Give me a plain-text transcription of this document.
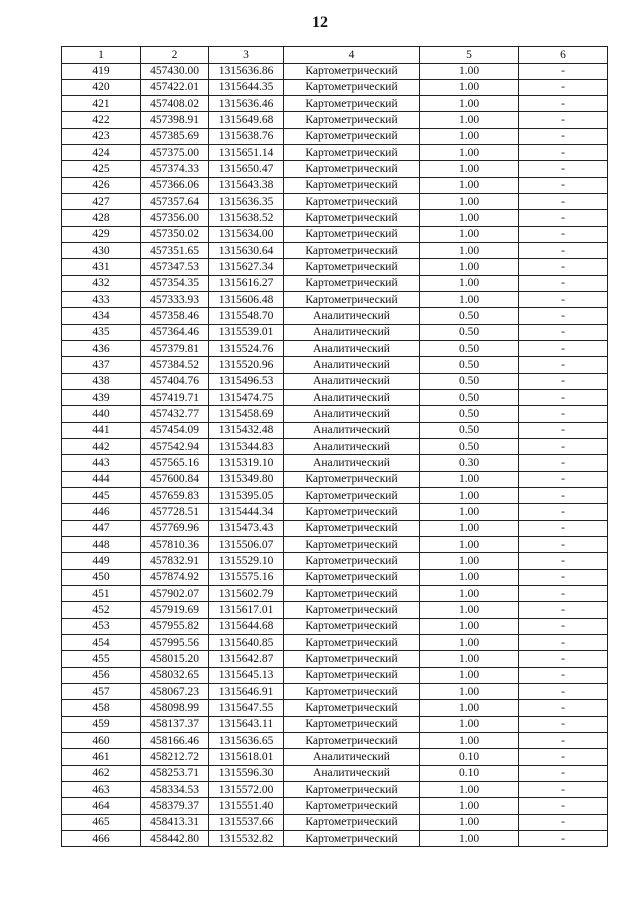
12
1	2	3	4	5	6
419	457430.00	1315636.86	Картометрический	1.00	-
420	457422.01	1315644.35	Картометрический	1.00	-
421	457408.02	1315636.46	Картометрический	1.00	-
422	457398.91	1315649.68	Картометрический	1.00	-
423	457385.69	1315638.76	Картометрический	1.00	-
424	457375.00	1315651.14	Картометрический	1.00	-
425	457374.33	1315650.47	Картометрический	1.00	-
426	457366.06	1315643.38	Картометрический	1.00	-
427	457357.64	1315636.35	Картометрический	1.00	-
428	457356.00	1315638.52	Картометрический	1.00	-
429	457350.02	1315634.00	Картометрический	1.00	-
430	457351.65	1315630.64	Картометрический	1.00	-
431	457347.53	1315627.34	Картометрический	1.00	-
432	457354.35	1315616.27	Картометрический	1.00	-
433	457333.93	1315606.48	Картометрический	1.00	-
434	457358.46	1315548.70	Аналитический	0.50	-
435	457364.46	1315539.01	Аналитический	0.50	-
436	457379.81	1315524.76	Аналитический	0.50	-
437	457384.52	1315520.96	Аналитический	0.50	-
438	457404.76	1315496.53	Аналитический	0.50	-
439	457419.71	1315474.75	Аналитический	0.50	-
440	457432.77	1315458.69	Аналитический	0.50	-
441	457454.09	1315432.48	Аналитический	0.50	-
442	457542.94	1315344.83	Аналитический	0.50	-
443	457565.16	1315319.10	Аналитический	0.30	-
444	457600.84	1315349.80	Картометрический	1.00	-
445	457659.83	1315395.05	Картометрический	1.00	-
446	457728.51	1315444.34	Картометрический	1.00	-
447	457769.96	1315473.43	Картометрический	1.00	-
448	457810.36	1315506.07	Картометрический	1.00	-
449	457832.91	1315529.10	Картометрический	1.00	-
450	457874.92	1315575.16	Картометрический	1.00	-
451	457902.07	1315602.79	Картометрический	1.00	-
452	457919.69	1315617.01	Картометрический	1.00	-
453	457955.82	1315644.68	Картометрический	1.00	-
454	457995.56	1315640.85	Картометрический	1.00	-
455	458015.20	1315642.87	Картометрический	1.00	-
456	458032.65	1315645.13	Картометрический	1.00	-
457	458067.23	1315646.91	Картометрический	1.00	-
458	458098.99	1315647.55	Картометрический	1.00	-
459	458137.37	1315643.11	Картометрический	1.00	-
460	458166.46	1315636.65	Картометрический	1.00	-
461	458212.72	1315618.01	Аналитический	0.10	-
462	458253.71	1315596.30	Аналитический	0.10	-
463	458334.53	1315572.00	Картометрический	1.00	-
464	458379.37	1315551.40	Картометрический	1.00	-
465	458413.31	1315537.66	Картометрический	1.00	-
466	458442.80	1315532.82	Картометрический	1.00	-
